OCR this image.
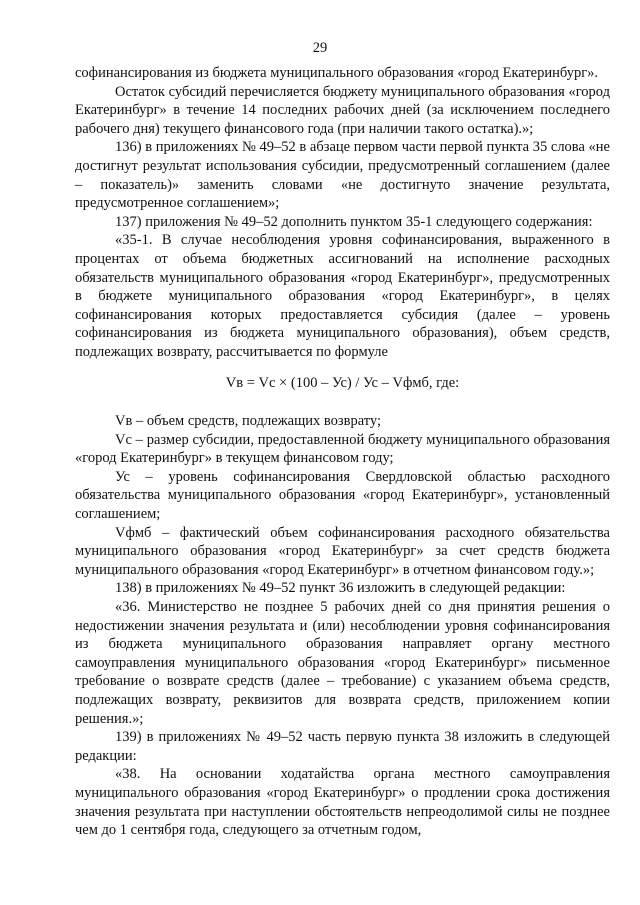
29

софинансирования из бюджета муниципального образования «город Екатеринбург».

Остаток субсидий перечисляется бюджету муниципального образования «город Екатеринбург» в течение 14 последних рабочих дней (за исключением последнего рабочего дня) текущего финансового года (при наличии такого остатка).»;

136) в приложениях № 49–52 в абзаце первом части первой пункта 35 слова «не достигнут результат использования субсидии, предусмотренный соглашением (далее – показатель)» заменить словами «не достигнуто значение результата, предусмотренное соглашением»;

137) приложения № 49–52 дополнить пунктом 35-1 следующего содержания:

«35-1. В случае несоблюдения уровня софинансирования, выраженного в процентах от объема бюджетных ассигнований на исполнение расходных обязательств муниципального образования «город Екатеринбург», предусмотренных в бюджете муниципального образования «город Екатеринбург», в целях софинансирования которых предоставляется субсидия (далее – уровень софинансирования из бюджета муниципального образования), объем средств, подлежащих возврату, рассчитывается по формуле

Vв = Vс × (100 – Ус) / Ус – Vфмб, где:

Vв – объем средств, подлежащих возврату;

Vс – размер субсидии, предоставленной бюджету муниципального образования «город Екатеринбург» в текущем финансовом году;

Ус – уровень софинансирования Свердловской областью расходного обязательства муниципального образования «город Екатеринбург», установленный соглашением;

Vфмб – фактический объем софинансирования расходного обязательства муниципального образования «город Екатеринбург» за счет средств бюджета муниципального образования «город Екатеринбург» в отчетном финансовом году.»;

138) в приложениях № 49–52 пункт 36 изложить в следующей редакции:

«36. Министерство не позднее 5 рабочих дней со дня принятия решения о недостижении значения результата и (или) несоблюдении уровня софинансирования из бюджета муниципального образования направляет органу местного самоуправления муниципального образования «город Екатеринбург» письменное требование о возврате средств (далее – требование) с указанием объема средств, подлежащих возврату, реквизитов для возврата средств, приложением копии решения.»;

139) в приложениях № 49–52 часть первую пункта 38 изложить в следующей редакции:

«38. На основании ходатайства органа местного самоуправления муниципального образования «город Екатеринбург» о продлении срока достижения значения результата при наступлении обстоятельств непреодолимой силы не позднее чем до 1 сентября года, следующего за отчетным годом,
